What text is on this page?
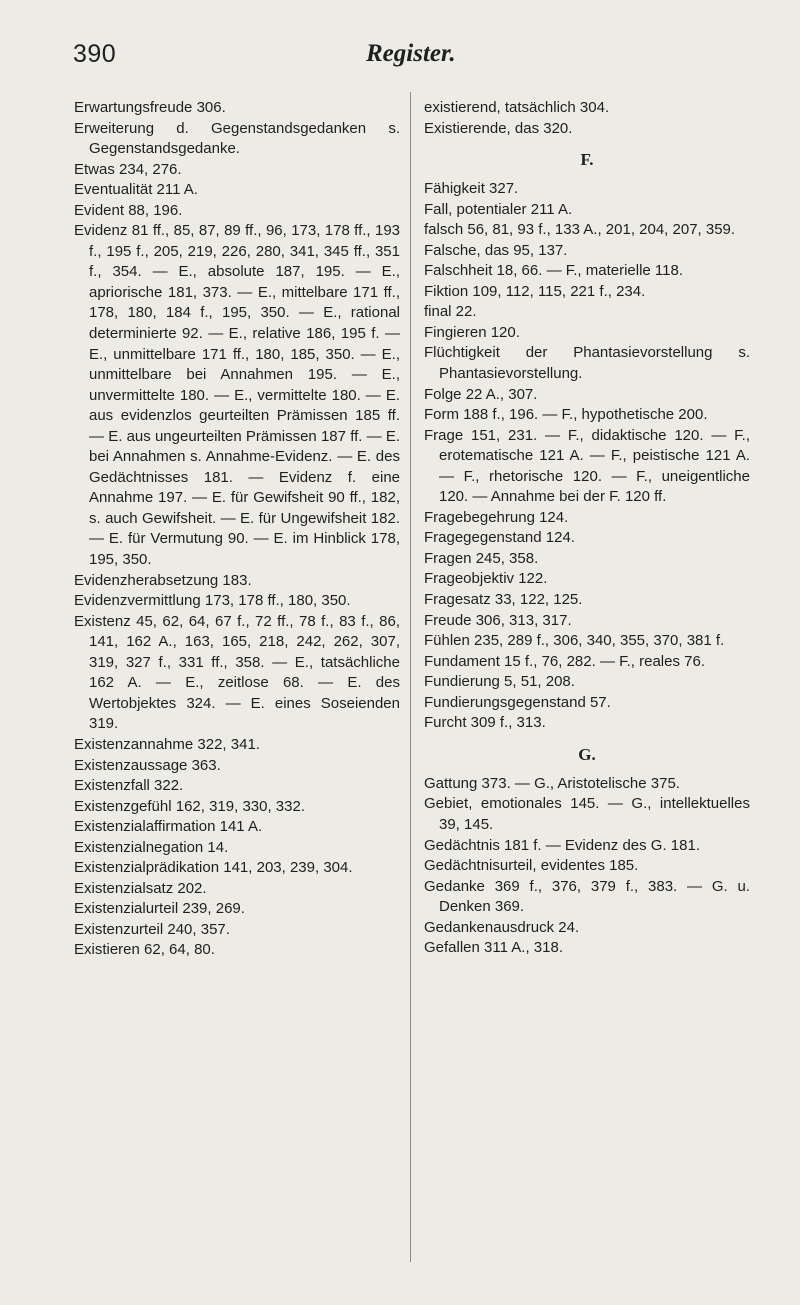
390	Register.

Erwartungsfreude 306.

Erweiterung d. Gegenstandsgedanken s. Gegenstandsgedanke.

Etwas 234, 276.

Eventualität 211 A.

Evident 88, 196.

Evidenz 81 ff., 85, 87, 89 ff., 96, 173, 178 ff., 193 f., 195 f., 205, 219, 226, 280, 341, 345 ff., 351 f., 354. — E., absolute 187, 195. — E., apriorische 181, 373. — E., mittelbare 171 ff., 178, 180, 184 f., 195, 350. — E., rational determinierte 92. — E., relative 186, 195 f. — E., unmittelbare 171 ff., 180, 185, 350. — E., unmittelbare bei Annahmen 195. — E., unvermittelte 180. — E., vermittelte 180. — E. aus evidenzlos geurteilten Prämissen 185 ff. — E. aus ungeurteilten Prämissen 187 ff. — E. bei Annahmen s. Annahme-Evidenz. — E. des Gedächtnisses 181. — Evidenz f. eine Annahme 197. — E. für Gewifsheit 90 ff., 182, s. auch Gewifsheit. — E. für Ungewifsheit 182. — E. für Vermutung 90. — E. im Hinblick 178, 195, 350.

Evidenzherabsetzung 183.

Evidenzvermittlung 173, 178 ff., 180, 350.

Existenz 45, 62, 64, 67 f., 72 ff., 78 f., 83 f., 86, 141, 162 A., 163, 165, 218, 242, 262, 307, 319, 327 f., 331 ff., 358. — E., tatsächliche 162 A. — E., zeitlose 68. — E. des Wertobjektes 324. — E. eines Soseienden 319.

Existenzannahme 322, 341.

Existenzaussage 363.

Existenzfall 322.

Existenzgefühl 162, 319, 330, 332.

Existenzialaffirmation 141 A.

Existenzialnegation 14.

Existenzialprädikation 141, 203, 239, 304.

Existenzialsatz 202.

Existenzialurteil 239, 269.

Existenzurteil 240, 357.

Existieren 62, 64, 80.

existierend, tatsächlich 304.

Existierende, das 320.

F.

Fähigkeit 327.

Fall, potentialer 211 A.

falsch 56, 81, 93 f., 133 A., 201, 204, 207, 359.

Falsche, das 95, 137.

Falschheit 18, 66. — F., materielle 118.

Fiktion 109, 112, 115, 221 f., 234.

final 22.

Fingieren 120.

Flüchtigkeit der Phantasievorstellung s. Phantasievorstellung.

Folge 22 A., 307.

Form 188 f., 196. — F., hypothetische 200.

Frage 151, 231. — F., didaktische 120. — F., erotematische 121 A. — F., peistische 121 A. — F., rhetorische 120. — F., uneigentliche 120. — Annahme bei der F. 120 ff.

Fragebegehrung 124.

Fragegegenstand 124.

Fragen 245, 358.

Frageobjektiv 122.

Fragesatz 33, 122, 125.

Freude 306, 313, 317.

Fühlen 235, 289 f., 306, 340, 355, 370, 381 f.

Fundament 15 f., 76, 282. — F., reales 76.

Fundierung 5, 51, 208.

Fundierungsgegenstand 57.

Furcht 309 f., 313.

G.

Gattung 373. — G., Aristotelische 375.

Gebiet, emotionales 145. — G., intellektuelles 39, 145.

Gedächtnis 181 f. — Evidenz des G. 181.

Gedächtnisurteil, evidentes 185.

Gedanke 369 f., 376, 379 f., 383. — G. u. Denken 369.

Gedankenausdruck 24.

Gefallen 311 A., 318.
